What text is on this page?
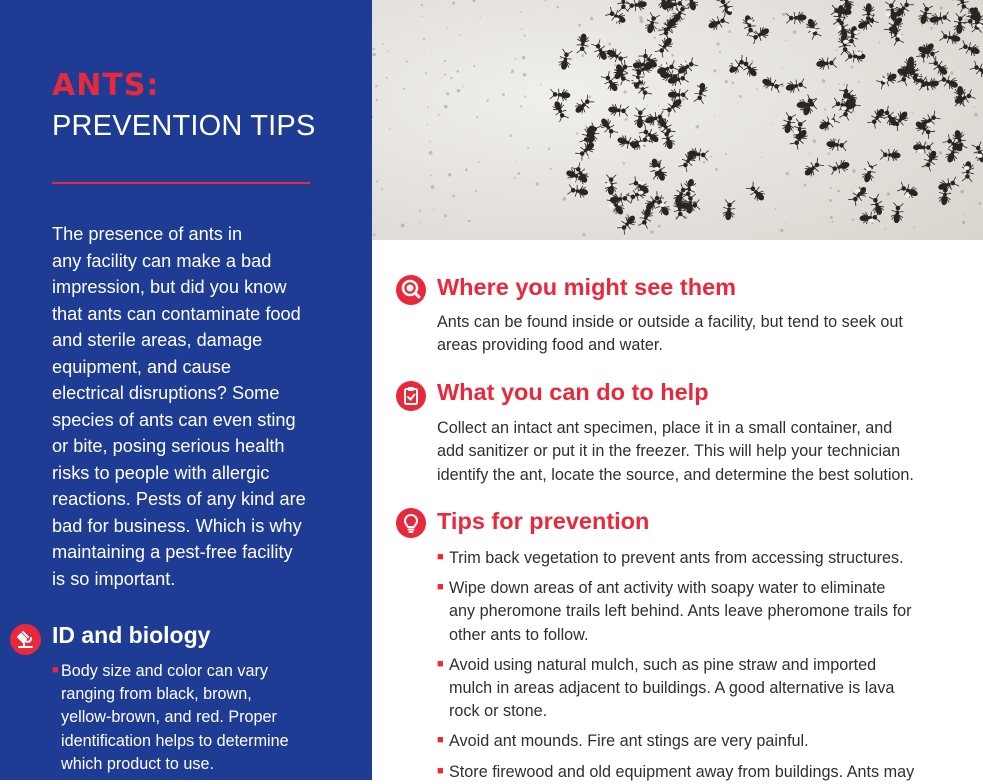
ANTS:
PREVENTION TIPS

The presence of ants in
any facility can make a bad
impression, but did you know
that ants can contaminate food
and sterile areas, damage
equipment, and cause
electrical disruptions? Some
species of ants can even sting
or bite, posing serious health
risks to people with allergic
reactions. Pests of any kind are
bad for business. Which is why
maintaining a pest-free facility
is so important.

ID and biology
■ Body size and color can vary
ranging from black, brown,
yellow-brown, and red. Proper
identification helps to determine
which product to use.
Where you might see them

Ants can be found inside or outside a facility, but tend to seek out
areas providing food and water.

What you can do to help

Collect an intact ant specimen, place it in a small container, and
add sanitizer or put it in the freezer. This will help your technician
identify the ant, locate the source, and determine the best solution.

Tips for prevention
■ Trim back vegetation to prevent ants from accessing structures.
■ Wipe down areas of ant activity with soapy water to eliminate
any pheromone trails left behind. Ants leave pheromone trails for
other ants to follow.
■ Avoid using natural mulch, such as pine straw and imported
mulch in areas adjacent to buildings. A good alternative is lava
rock or stone.
■ Avoid ant mounds. Fire ant stings are very painful.
■ Store firewood and old equipment away from buildings. Ants may
